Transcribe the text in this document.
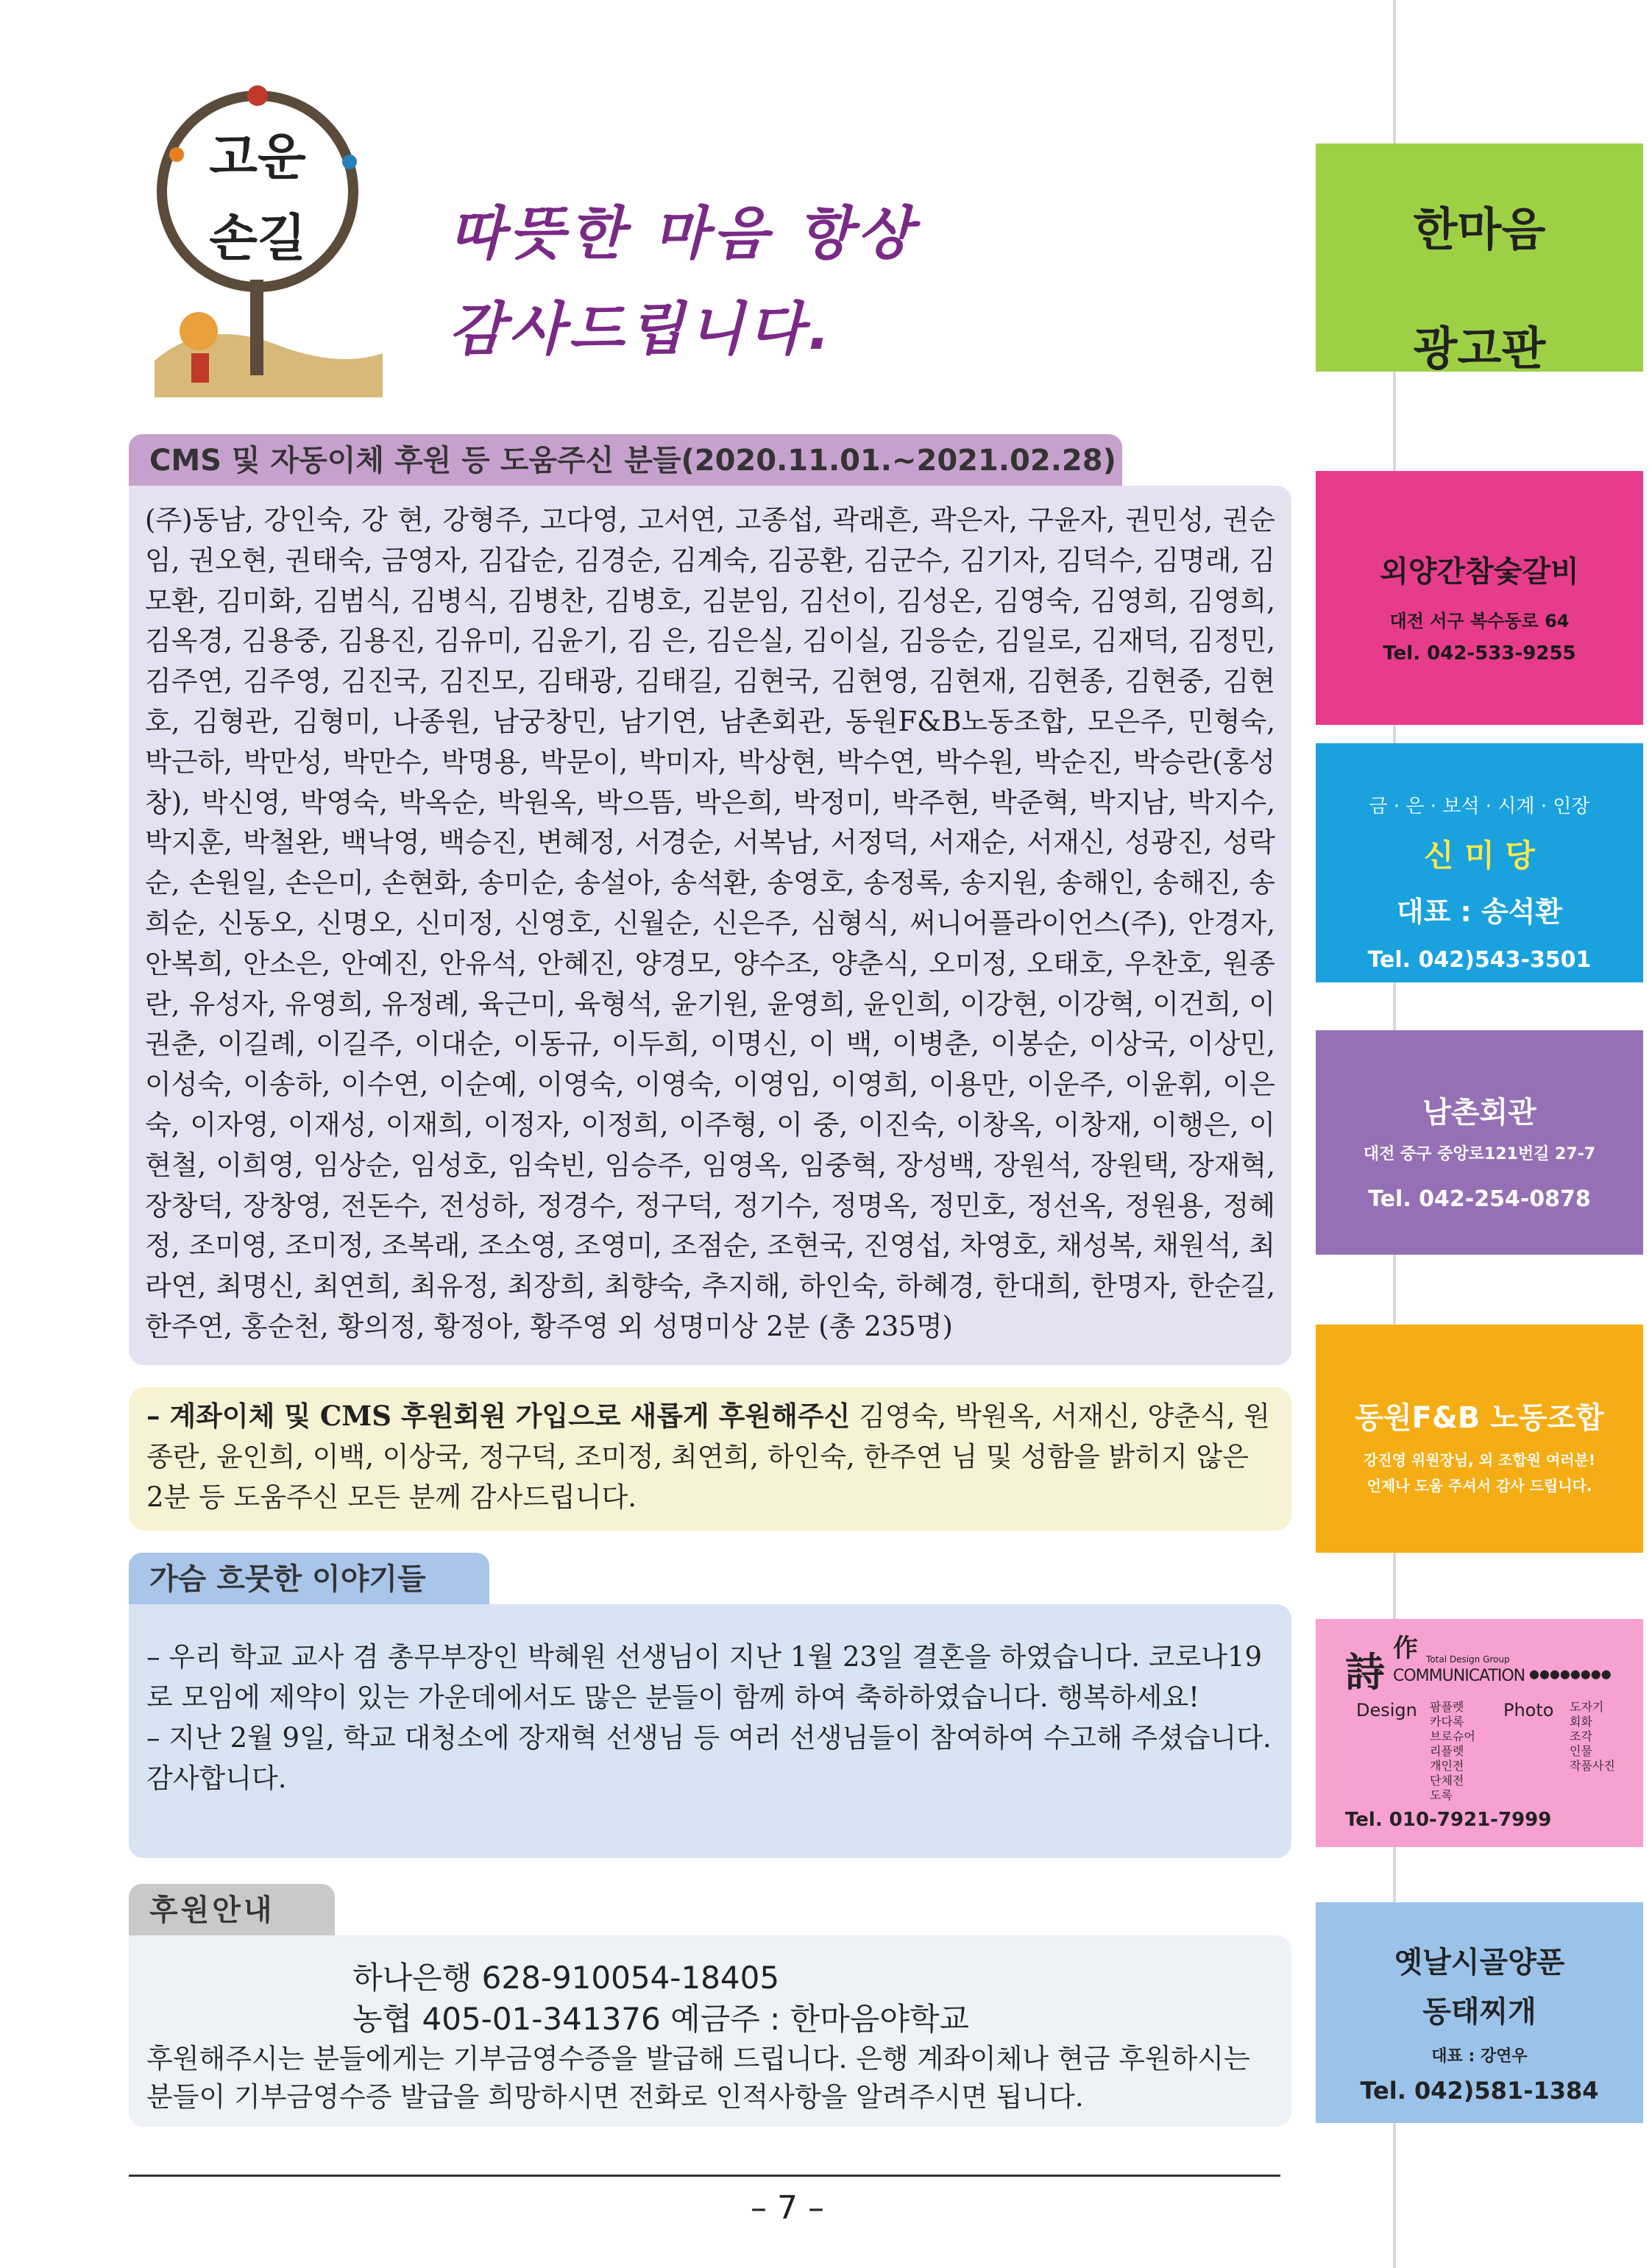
고운
손길	따뜻한 마음 항상
감사드립니다.
CMS 및 자동이체 후원 등 도움주신 분들(2020.11.01.~2021.02.28)
(주)동남, 강인숙, 강 현, 강형주, 고다영, 고서연, 고종섭, 곽래흔, 곽은자, 구윤자, 권민성, 권순임, 권오현, 권태숙, 금영자, 김갑순, 김경순, 김계숙, 김공환, 김군수, 김기자, 김덕수, 김명래, 김모환, 김미화, 김범식, 김병식, 김병찬, 김병호, 김분임, 김선이, 김성온, 김영숙, 김영희, 김영희, 김옥경, 김용중, 김용진, 김유미, 김윤기, 김 은, 김은실, 김이실, 김응순, 김일로, 김재덕, 김정민, 김주연, 김주영, 김진국, 김진모, 김태광, 김태길, 김현국, 김현영, 김현재, 김현종, 김현중, 김현호, 김형관, 김형미, 나종원, 남궁창민, 남기연, 남촌회관, 동원F&B노동조합, 모은주, 민형숙, 박근하, 박만성, 박만수, 박명용, 박문이, 박미자, 박상현, 박수연, 박수원, 박순진, 박승란(홍성창), 박신영, 박영숙, 박옥순, 박원옥, 박으뜸, 박은희, 박정미, 박주현, 박준혁, 박지남, 박지수, 박지훈, 박철완, 백낙영, 백승진, 변혜정, 서경순, 서복남, 서정덕, 서재순, 서재신, 성광진, 성락순, 손원일, 손은미, 손현화, 송미순, 송설아, 송석환, 송영호, 송정록, 송지원, 송해인, 송해진, 송희순, 신동오, 신명오, 신미정, 신영호, 신월순, 신은주, 심형식, 써니어플라이언스(주), 안경자, 안복희, 안소은, 안예진, 안유석, 안혜진, 양경모, 양수조, 양춘식, 오미정, 오태호, 우찬호, 원종란, 유성자, 유영희, 유정례, 육근미, 육형석, 윤기원, 윤영희, 윤인희, 이강현, 이강혁, 이건희, 이권춘, 이길례, 이길주, 이대순, 이동규, 이두희, 이명신, 이 백, 이병춘, 이봉순, 이상국, 이상민, 이성숙, 이송하, 이수연, 이순예, 이영숙, 이영숙, 이영임, 이영희, 이용만, 이운주, 이윤휘, 이은숙, 이자영, 이재성, 이재희, 이정자, 이정희, 이주형, 이 중, 이진숙, 이창옥, 이창재, 이행은, 이현철, 이희영, 임상순, 임성호, 임숙빈, 임승주, 임영옥, 임중혁, 장성백, 장원석, 장원택, 장재혁, 장창덕, 장창영, 전돈수, 전성하, 정경수, 정구덕, 정기수, 정명옥, 정민호, 정선옥, 정원용, 정혜정, 조미영, 조미정, 조복래, 조소영, 조영미, 조점순, 조현국, 진영섭, 차영호, 채성복, 채원석, 최라연, 최명신, 최연희, 최유정, 최장희, 최향숙, 추지해, 하인숙, 하혜경, 한대희, 한명자, 한순길, 한주연, 홍순천, 황의정, 황정아, 황주영 외 성명미상 2분 (총 235명)
– 계좌이체 및 CMS 후원회원 가입으로 새롭게 후원해주신 김영숙, 박원옥, 서재신, 양춘식, 원종란, 윤인희, 이백, 이상국, 정구덕, 조미정, 최연희, 하인숙, 한주연 님 및 성함을 밝히지 않은 2분 등 도움주신 모든 분께 감사드립니다.
가슴 흐뭇한 이야기들
– 우리 학교 교사 겸 총무부장인 박혜원 선생님이 지난 1월 23일 결혼을 하였습니다. 코로나19로 모임에 제약이 있는 가운데에서도 많은 분들이 함께 하여 축하하였습니다. 행복하세요!
– 지난 2월 9일, 학교 대청소에 장재혁 선생님 등 여러 선생님들이 참여하여 수고해 주셨습니다. 감사합니다.
후원안내
하나은행 628-910054-18405
농협 405-01-341376 예금주 : 한마음야학교
후원해주시는 분들에게는 기부금영수증을 발급해 드립니다. 은행 계좌이체나 현금 후원하시는 분들이 기부금영수증 발급을 희망하시면 전화로 인적사항을 알려주시면 됩니다.
– 7 –
한마음
광고판
외양간참숯갈비
대전 서구 복수동로 64
Tel. 042-533-9255
금 · 은 · 보석 · 시계 · 인장
신 미 당
대표 : 송석환
Tel. 042)543-3501
남촌회관
대전 중구 중앙로121번길 27-7
Tel. 042-254-0878
동원F&B 노동조합
강진영 위원장님, 외 조합원 여러분!
언제나 도움 주셔서 감사 드립니다.
詩
作 Total Design Group
COMMUNICATION ●●●●●●●●
Design 팜플렛
카다록
브로슈어
리플렛
개인전
단체전
도록
Photo 도자기
회화
조각
인물
작품사진
Tel. 010-7921-7999
옛날시골양푼
동태찌개
대표 : 강연우
Tel. 042)581-1384
